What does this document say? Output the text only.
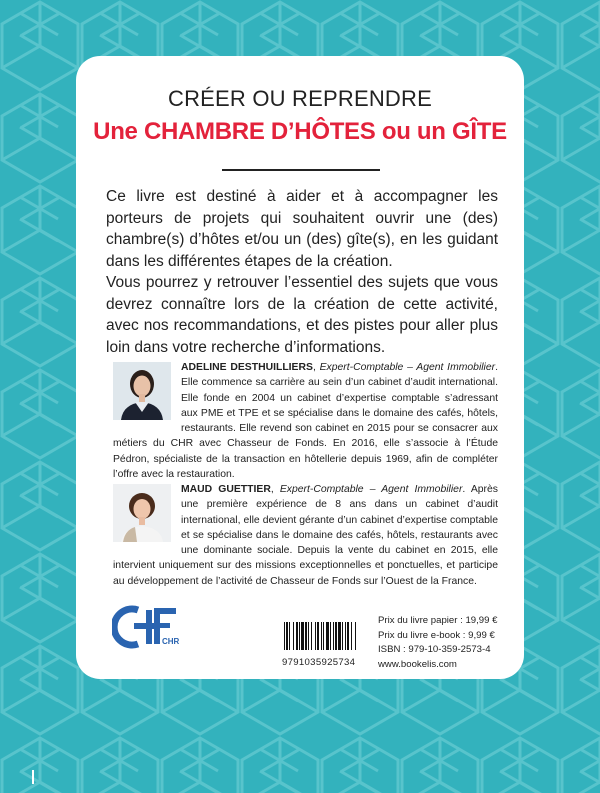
CRÉER OU REPRENDRE
Une CHAMBRE D’HÔTES ou un GÎTE

Ce livre est destiné à aider et à accompagner les porteurs de projets qui souhaitent ouvrir une (des) chambre(s) d’hôtes et/ou un (des) gîte(s), en les guidant dans les différentes étapes de la création.

Vous pourrez y retrouver l’essentiel des sujets que vous devrez connaître lors de la création de cette activité, avec nos recommandations, et des pistes pour aller plus loin dans votre recherche d’informations.

ADELINE DESTHUILLIERS, Expert-Comptable – Agent Immobilier. Elle commence sa carrière au sein d’un cabinet d’audit international. Elle fonde en 2004 un cabinet d’expertise comptable s’adressant aux PME et TPE et se spécialise dans le domaine des cafés, hôtels, restaurants. Elle revend son cabinet en 2015 pour se consacrer aux métiers du CHR avec Chasseur de Fonds. En 2016, elle s’associe à l’Étude Pédron, spécialiste de la transaction en hôtellerie depuis 1969, afin de compléter l’offre avec la restauration.

MAUD GUETTIER, Expert-Comptable – Agent Immobilier. Après une première expérience de 8 ans dans un cabinet d’audit international, elle devient gérante d’un cabinet d’expertise comptable et se spécialise dans le domaine des cafés, hôtels, restaurants avec une dominante sociale. Depuis la vente du cabinet en 2015, elle intervient uniquement sur des missions exceptionnelles et ponctuelles, et participe au développement de l’activité de Chasseur de Fonds sur l’Ouest de la France.

CHR
9791035925734
Prix du livre papier : 19,99 €
Prix du livre e-book : 9,99 €
ISBN : 979-10-359-2573-4
www.bookelis.com
